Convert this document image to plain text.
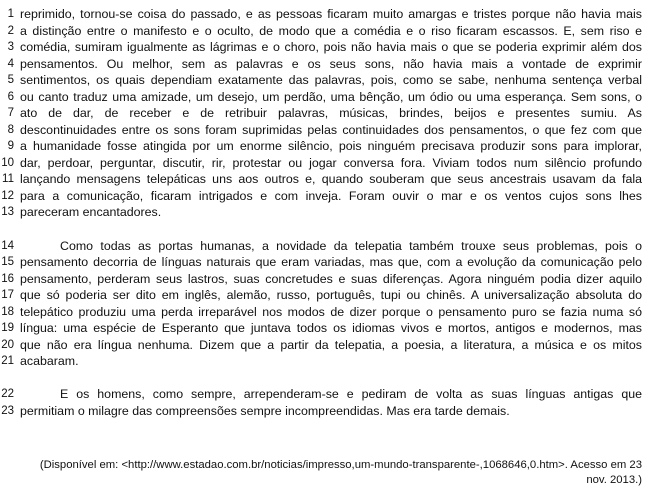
1 reprimido, tornou-se coisa do passado, e as pessoas ficaram muito amargas e tristes porque não havia mais
2 a distinção entre o manifesto e o oculto, de modo que a comédia e o riso ficaram escassos. E, sem riso e
3 comédia, sumiram igualmente as lágrimas e o choro, pois não havia mais o que se poderia exprimir além dos
4 pensamentos. Ou melhor, sem as palavras e os seus sons, não havia mais a vontade de exprimir
5 sentimentos, os quais dependiam exatamente das palavras, pois, como se sabe, nenhuma sentença verbal
6 ou canto traduz uma amizade, um desejo, um perdão, uma bênção, um ódio ou uma esperança. Sem sons, o
7 ato de dar, de receber e de retribuir palavras, músicas, brindes, beijos e presentes sumiu. As
8 descontinuidades entre os sons foram suprimidas pelas continuidades dos pensamentos, o que fez com que
9 a humanidade fosse atingida por um enorme silêncio, pois ninguém precisava produzir sons para implorar,
10 dar, perdoar, perguntar, discutir, rir, protestar ou jogar conversa fora. Viviam todos num silêncio profundo
11 lançando mensagens telepáticas uns aos outros e, quando souberam que seus ancestrais usavam da fala
12 para a comunicação, ficaram intrigados e com inveja. Foram ouvir o mar e os ventos cujos sons lhes
13 pareceram encantadores.
14	Como todas as portas humanas, a novidade da telepatia também trouxe seus problemas, pois o
15 pensamento decorria de línguas naturais que eram variadas, mas que, com a evolução da comunicação pelo
16 pensamento, perderam seus lastros, suas concretudes e suas diferenças. Agora ninguém podia dizer aquilo
17 que só poderia ser dito em inglês, alemão, russo, português, tupi ou chinês. A universalização absoluta do
18 telepático produziu uma perda irreparável nos modos de dizer porque o pensamento puro se fazia numa só
19 língua: uma espécie de Esperanto que juntava todos os idiomas vivos e mortos, antigos e modernos, mas
20 que não era língua nenhuma. Dizem que a partir da telepatia, a poesia, a literatura, a música e os mitos
21 acabaram.
22	E os homens, como sempre, arrependeram-se e pediram de volta as suas línguas antigas que
23 permitiam o milagre das compreensões sempre incompreendidas. Mas era tarde demais.
(Disponível em: <http://www.estadao.com.br/noticias/impresso,um-mundo-transparente-,1068646,0.htm>. Acesso em 23
nov. 2013.)
